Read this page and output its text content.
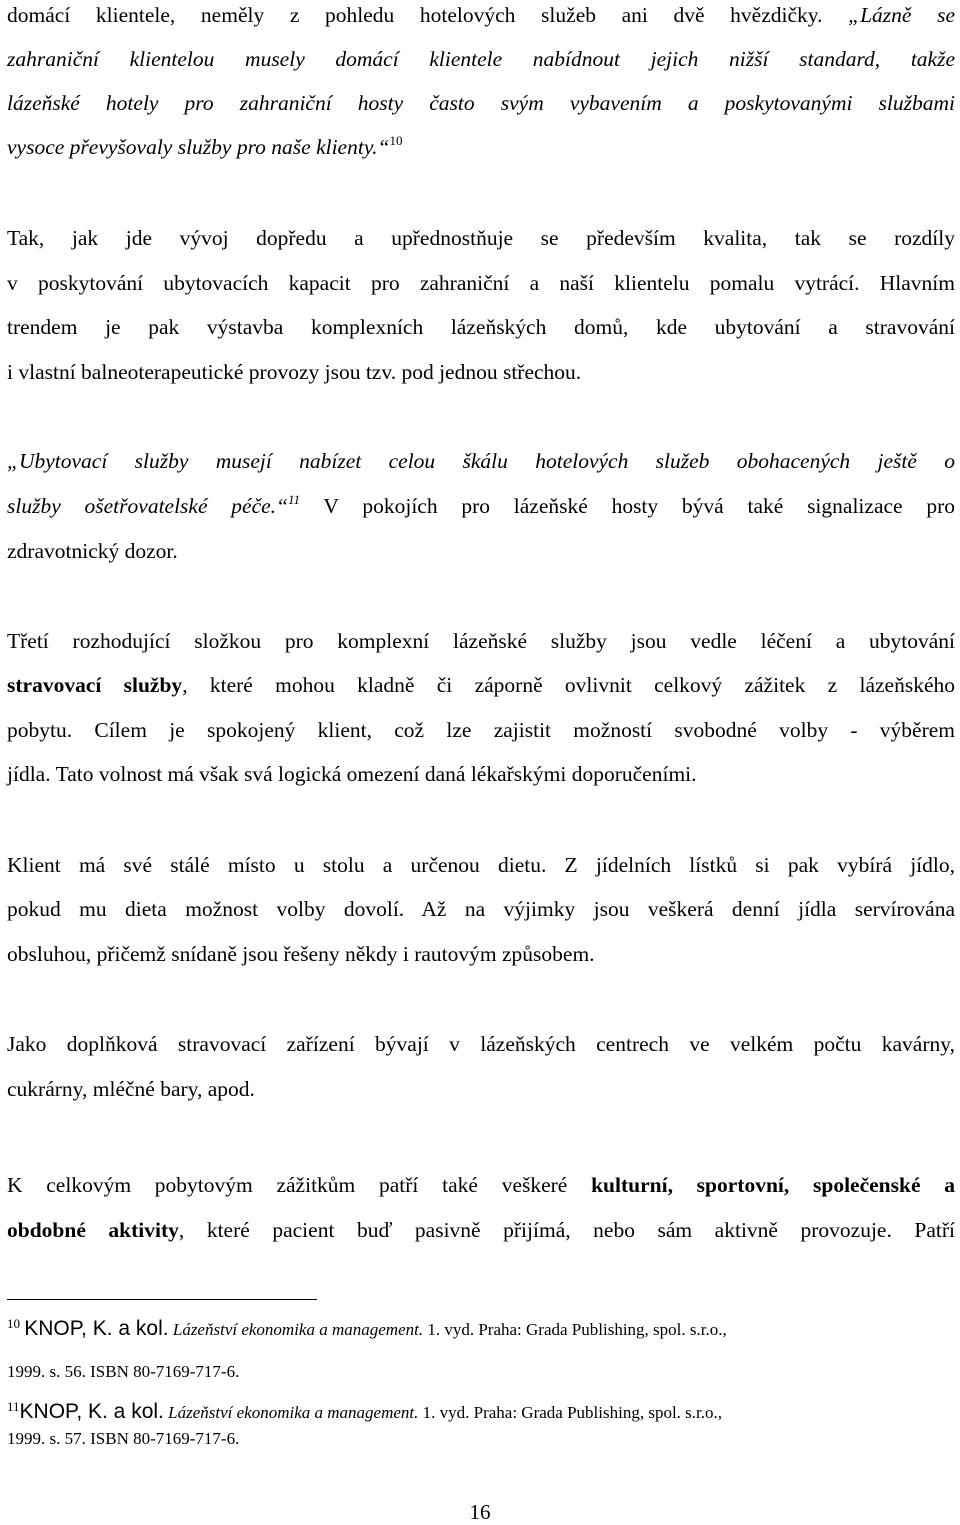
domácí klientele, neměly z pohledu hotelových služeb ani dvě hvězdičky. „Lázně se
zahraniční klientelou musely domácí klientele nabídnout jejich nižší standard, takže
lázeňské hotely pro zahraniční hosty často svým vybavením a poskytovanými službami
vysoce převyšovaly služby pro naše klienty.“$^{10}$
Tak, jak jde vývoj dopředu a upřednostňuje se především kvalita, tak se rozdíly
v poskytování ubytovacích kapacit pro zahraniční a naší klientelu pomalu vytrácí. Hlavním
trendem je pak výstavba komplexních lázeňských domů, kde ubytování a stravování
i vlastní balneoterapeutické provozy jsou tzv. pod jednou střechou.
„Ubytovací služby musejí nabízet celou škálu hotelových služeb obohacených ještě o
služby ošetřovatelské péče.“$^{11}$ V pokojích pro lázeňské hosty bývá také signalizace pro
zdravotnický dozor.
Třetí rozhodující složkou pro komplexní lázeňské služby jsou vedle léčení a ubytování
stravovací služby, které mohou kladně či záporně ovlivnit celkový zážitek z lázeňského
pobytu. Cílem je spokojený klient, což lze zajistit možností svobodné volby - výběrem
jídla. Tato volnost má však svá logická omezení daná lékařskými doporučeními.
Klient má své stálé místo u stolu a určenou dietu. Z jídelních lístků si pak vybírá jídlo,
pokud mu dieta možnost volby dovolí. Až na výjimky jsou veškerá denní jídla servírována
obsluhou, přičemž snídaně jsou řešeny někdy i rautovým způsobem.
Jako doplňková stravovací zařízení bývají v lázeňských centrech ve velkém počtu kavárny,
cukrárny, mléčné bary, apod.
K celkovým pobytovým zážitkům patří také veškeré kulturní, sportovní, společenské a
obdobné aktivity, které pacient buď pasivně přijímá, nebo sám aktivně provozuje. Patří
$^{10}$ KNOP, K. a kol. Lázeňství ekonomika a management. 1. vyd. Praha: Grada Publishing, spol. s.r.o.,
1999. s. 56. ISBN 80-7169-717-6.
$^{11}$KNOP, K. a kol. Lázeňství ekonomika a management. 1. vyd. Praha: Grada Publishing, spol. s.r.o.,
1999. s. 57. ISBN 80-7169-717-6.
16
